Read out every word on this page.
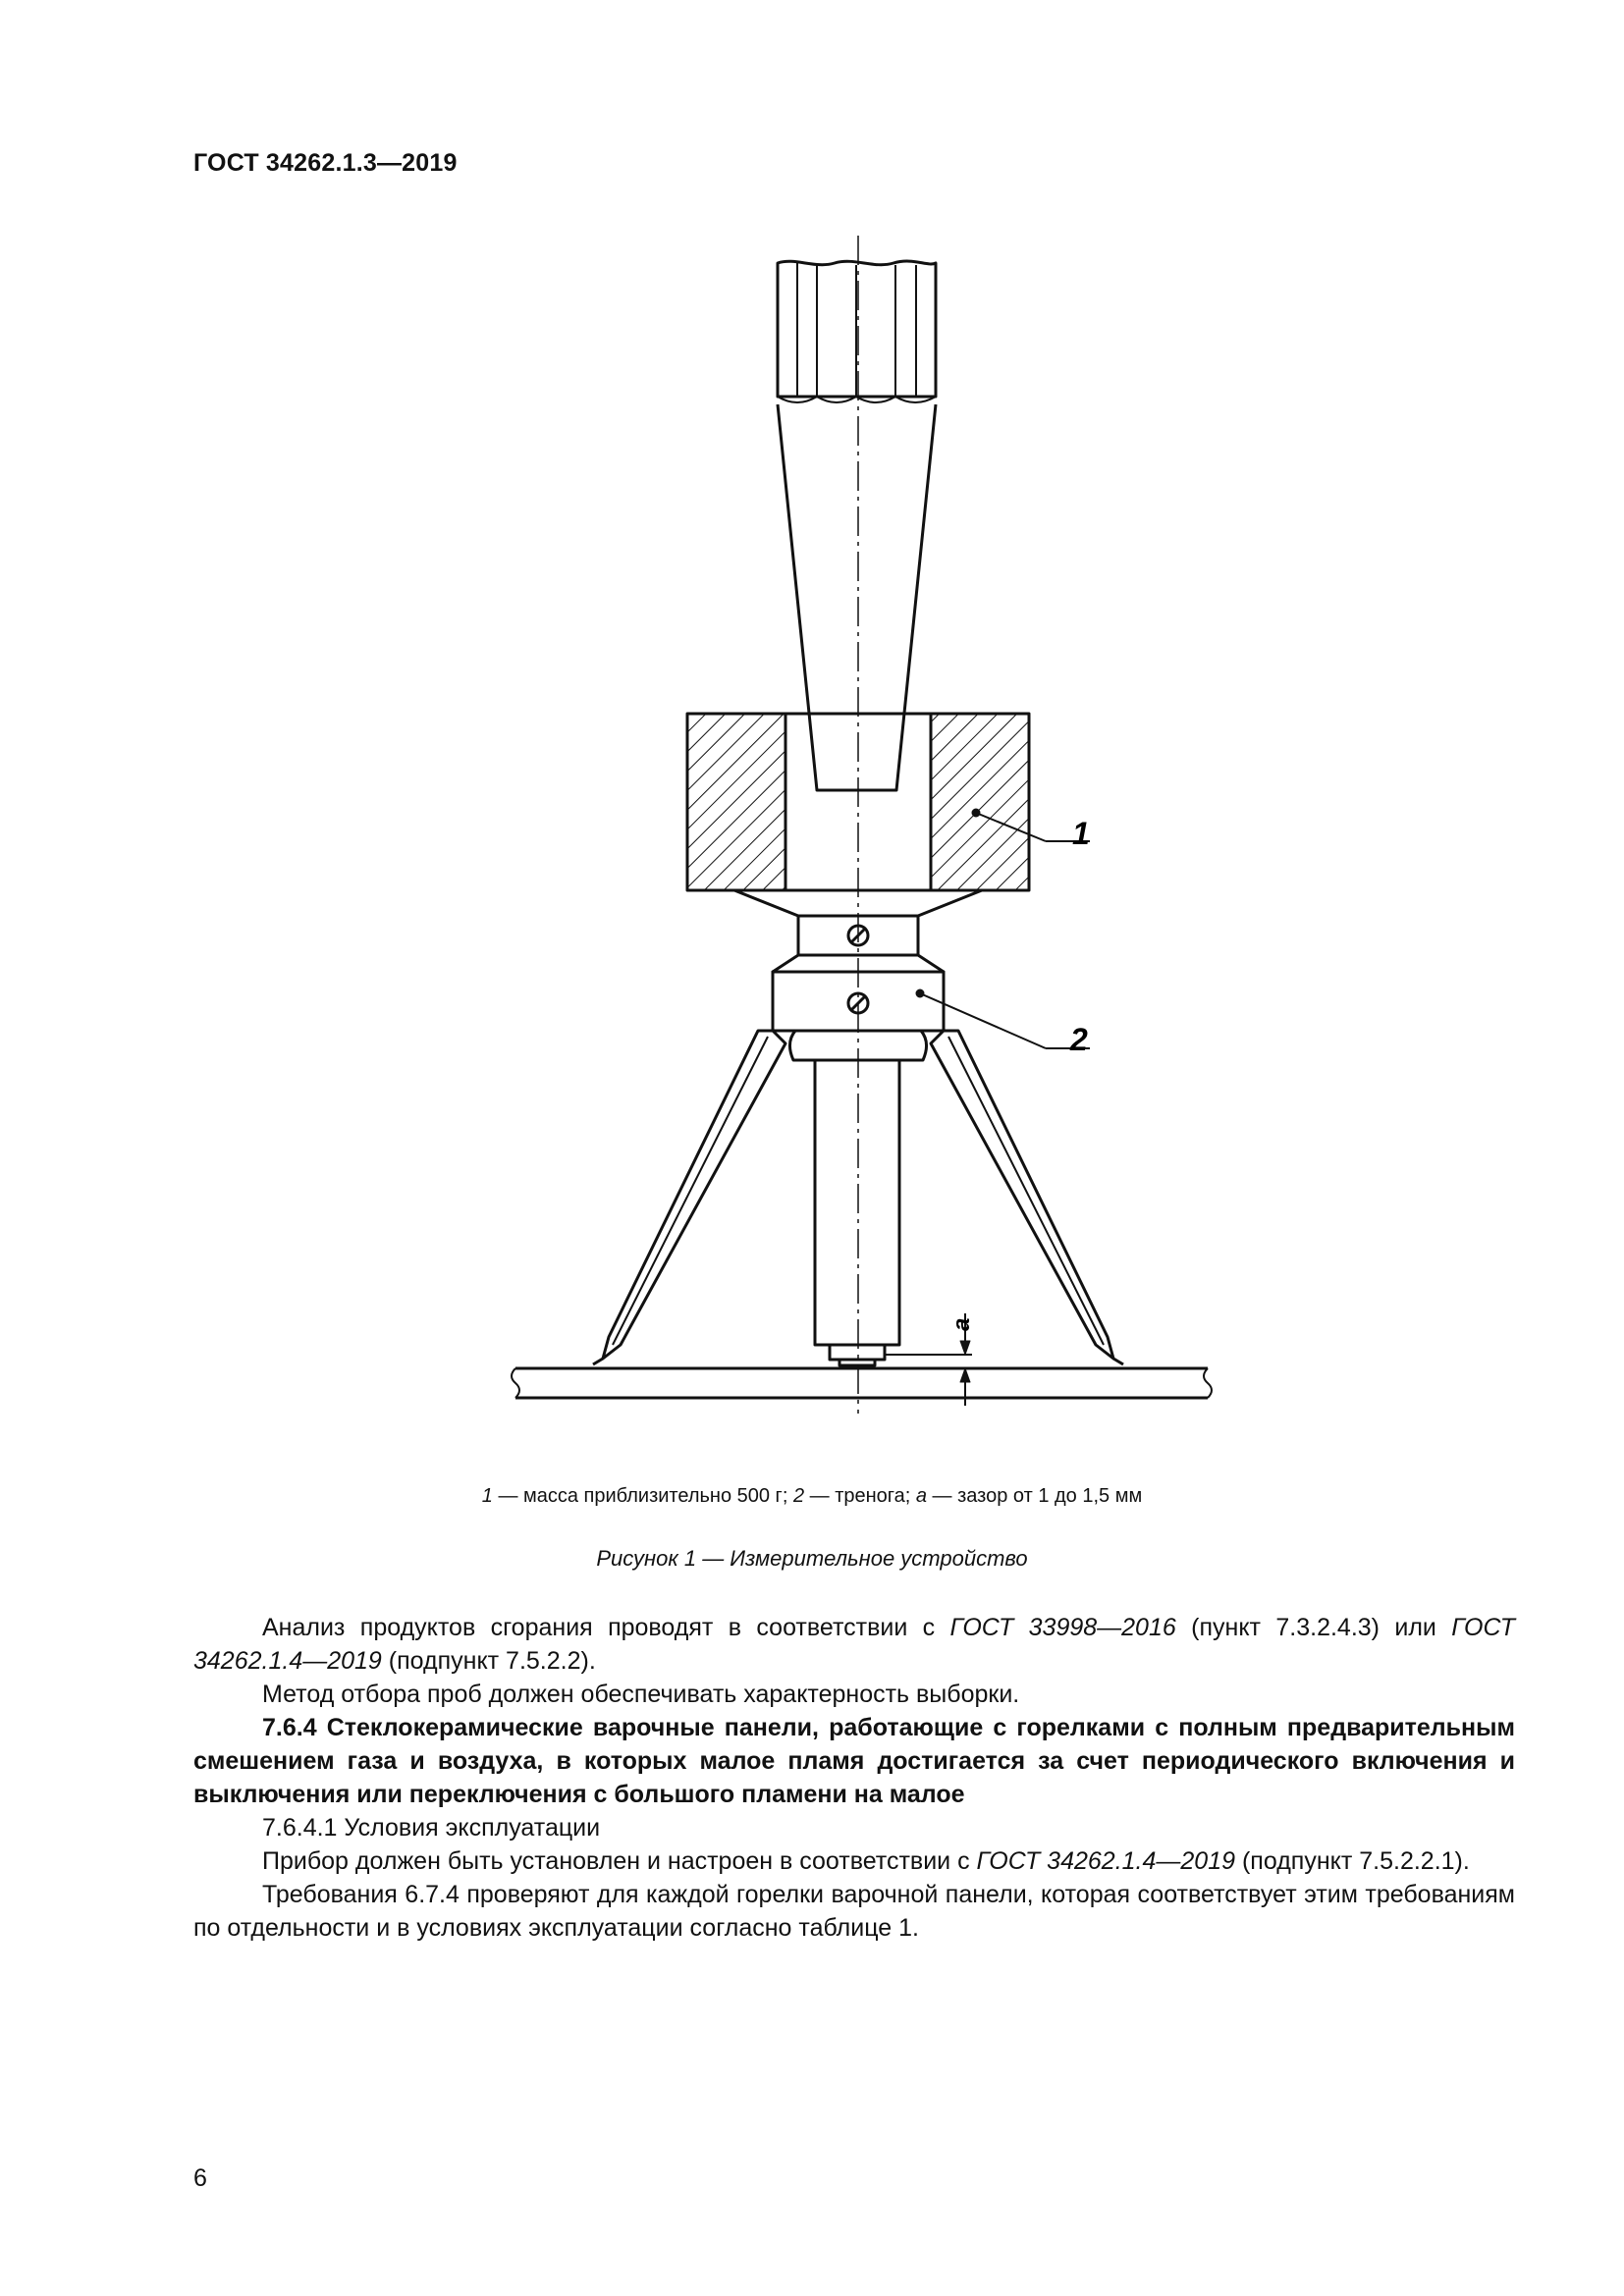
ГОСТ 34262.1.3—2019
1
2
a
1 — масса приблизительно 500 г; 2 — тренога; a — зазор от 1 до 1,5 мм
Рисунок 1 — Измерительное устройство

Анализ продуктов сгорания проводят в соответствии с ГОСТ 33998—2016 (пункт 7.3.2.4.3) или ГОСТ 34262.1.4—2019 (подпункт 7.5.2.2).

Метод отбора проб должен обеспечивать характерность выборки.

7.6.4 Стеклокерамические варочные панели, работающие с горелками с полным предварительным смешением газа и воздуха, в которых малое пламя достигается за счет периодического включения и выключения или переключения с большого пламени на малое

7.6.4.1 Условия эксплуатации

Прибор должен быть установлен и настроен в соответствии с ГОСТ 34262.1.4—2019 (подпункт 7.5.2.2.1).

Требования 6.7.4 проверяют для каждой горелки варочной панели, которая соответствует этим требованиям по отдельности и в условиях эксплуатации согласно таблице 1.

6
